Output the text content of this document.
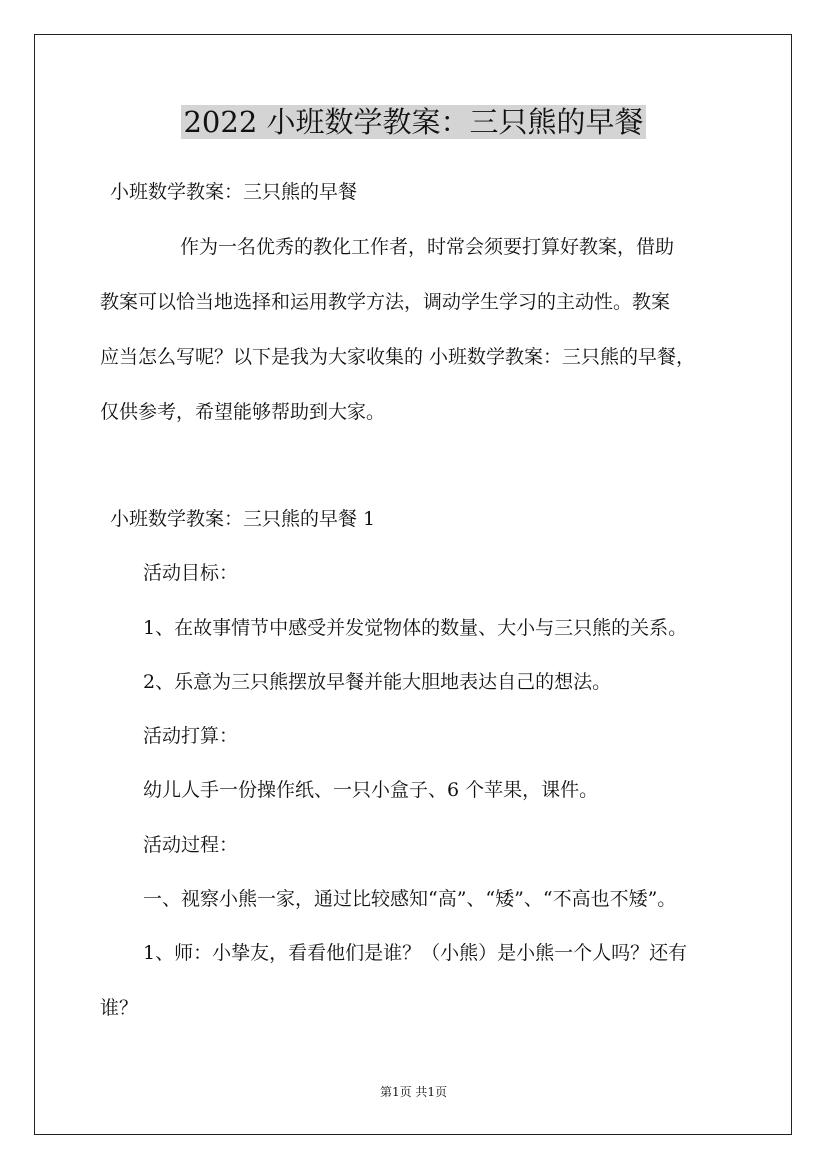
2022 小班数学教案：三只熊的早餐
小班数学教案：三只熊的早餐
作为一名优秀的教化工作者，时常会须要打算好教案，借助
教案可以恰当地选择和运用教学方法，调动学生学习的主动性。教案
应当怎么写呢？以下是我为大家收集的 小班数学教案：三只熊的早餐，
仅供参考，希望能够帮助到大家。
小班数学教案：三只熊的早餐 1
活动目标：
1、在故事情节中感受并发觉物体的数量、大小与三只熊的关系。
2、乐意为三只熊摆放早餐并能大胆地表达自己的想法。
活动打算：
幼儿人手一份操作纸、一只小盒子、6 个苹果，课件。
活动过程：
一、视察小熊一家，通过比较感知“高”、“矮”、“不高也不矮”。
1、师：小挚友，看看他们是谁？（小熊）是小熊一个人吗？还有
谁？
第1页 共1页
